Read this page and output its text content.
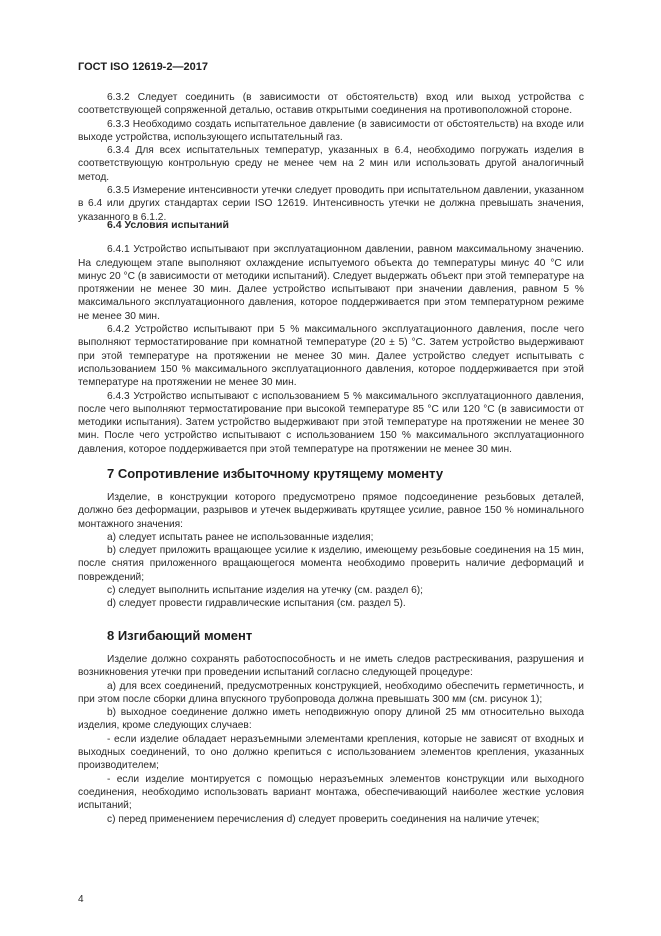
ГОСТ ISO 12619-2—2017

6.3.2 Следует соединить (в зависимости от обстоятельств) вход или выход устройства с соответствующей сопряженной деталью, оставив открытыми соединения на противоположной стороне.

6.3.3 Необходимо создать испытательное давление (в зависимости от обстоятельств) на входе или выходе устройства, использующего испытательный газ.

6.3.4 Для всех испытательных температур, указанных в 6.4, необходимо погружать изделия в соответствующую контрольную среду не менее чем на 2 мин или использовать другой аналогичный метод.

6.3.5 Измерение интенсивности утечки следует проводить при испытательном давлении, указанном в 6.4 или других стандартах серии ISO 12619. Интенсивность утечки не должна превышать значения, указанного в 6.1.2.

6.4 Условия испытаний

6.4.1 Устройство испытывают при эксплуатационном давлении, равном максимальному значению. На следующем этапе выполняют охлаждение испытуемого объекта до температуры минус 40 °С или минус 20 °С (в зависимости от методики испытаний). Следует выдержать объект при этой температуре на протяжении не менее 30 мин. Далее устройство испытывают при значении давления, равном 5 % максимального эксплуатационного давления, которое поддерживается при этом температурном режиме не менее 30 мин.

6.4.2 Устройство испытывают при 5 % максимального эксплуатационного давления, после чего выполняют термостатирование при комнатной температуре (20 ± 5) °С. Затем устройство выдерживают при этой температуре на протяжении не менее 30 мин. Далее устройство следует испытывать с использованием 150 % максимального эксплуатационного давления, которое поддерживается при этой температуре на протяжении не менее 30 мин.

6.4.3 Устройство испытывают с использованием 5 % максимального эксплуатационного давления, после чего выполняют термостатирование при высокой температуре 85 °С или 120 °С (в зависимости от методики испытания). Затем устройство выдерживают при этой температуре на протяжении не менее 30 мин. После чего устройство испытывают с использованием 150 % максимального эксплуатационного давления, которое поддерживается при этой температуре на протяжении не менее 30 мин.

7 Сопротивление избыточному крутящему моменту

Изделие, в конструкции которого предусмотрено прямое подсоединение резьбовых деталей, должно без деформации, разрывов и утечек выдерживать крутящее усилие, равное 150 % номинального монтажного значения:

a) следует испытать ранее не использованные изделия;

b) следует приложить вращающее усилие к изделию, имеющему резьбовые соединения на 15 мин, после снятия приложенного вращающегося момента необходимо проверить наличие деформаций и повреждений;

c) следует выполнить испытание изделия на утечку (см. раздел 6);

d) следует провести гидравлические испытания (см. раздел 5).

8 Изгибающий момент

Изделие должно сохранять работоспособность и не иметь следов растрескивания, разрушения и возникновения утечки при проведении испытаний согласно следующей процедуре:

a) для всех соединений, предусмотренных конструкцией, необходимо обеспечить герметичность, и при этом после сборки длина впускного трубопровода должна превышать 300 мм (см. рисунок 1);

b) выходное соединение должно иметь неподвижную опору длиной 25 мм относительно выхода изделия, кроме следующих случаев:

- если изделие обладает неразъемными элементами крепления, которые не зависят от входных и выходных соединений, то оно должно крепиться с использованием элементов крепления, указанных производителем;

- если изделие монтируется с помощью неразъемных элементов конструкции или выходного соединения, необходимо использовать вариант монтажа, обеспечивающий наиболее жесткие условия испытаний;

c) перед применением перечисления d) следует проверить соединения на наличие утечек;

4
